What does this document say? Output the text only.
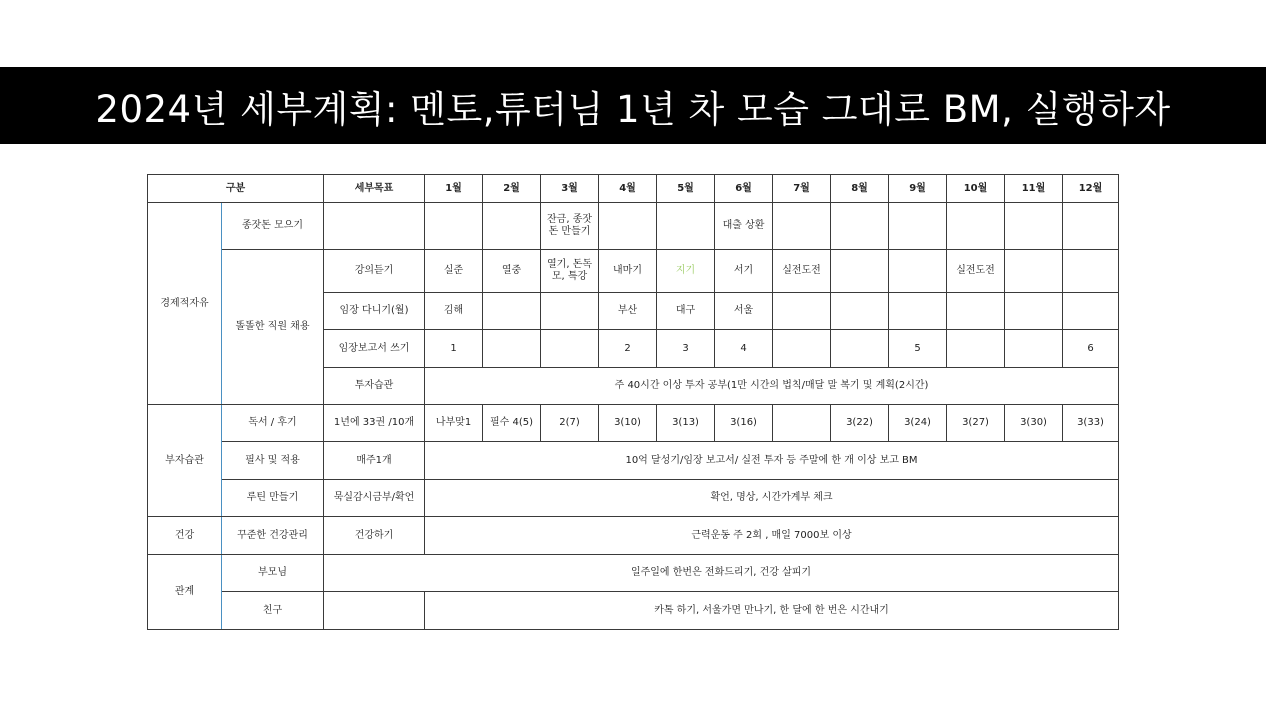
2024년 세부계획: 멘토,튜터님 1년 차 모습 그대로 BM, 실행하자
구분		세부목표	1월	2월	3월	4월	5월	6월	7월	8월	9월	10월	11월	12월
경제적자유	종잣돈 모으기				잔금, 종잣돈 만들기			대출 상환						
	똘똘한 직원 채용	강의듣기	실준	열중	열기, 돈독모, 특강	내마기	지기	서기	실전도전			실전도전		
		임장 다니기(월)	김해			부산	대구	서울						
		임장보고서 쓰기	1			2	3	4			5			6
		투자습관	주 40시간 이상 투자 공부(1만 시간의 법칙/매달 말 복기 및 계획(2시간)											
부자습관	독서 / 후기	1년에 33권 /10개	나부맞1	필수 4(5)	2(7)	3(10)	3(13)	3(16)		3(22)	3(24)	3(27)	3(30)	3(33)
	필사 및 적용	매주1개	10억 달성기/임장 보고서/ 실전 투자 등 주말에 한 개 이상 보고 BM											
	루틴 만들기	묵실감시금부/확언	확언, 명상, 시간가계부 체크											
건강	꾸준한 건강관리	건강하기	근력운동 주 2회 , 매일 7000보 이상											
관계	부모님	일주일에 한번은 전화드리기, 건강 살피기												
	친구		카톡 하기, 서울가면 만나기, 한 달에 한 번은 시간내기											
